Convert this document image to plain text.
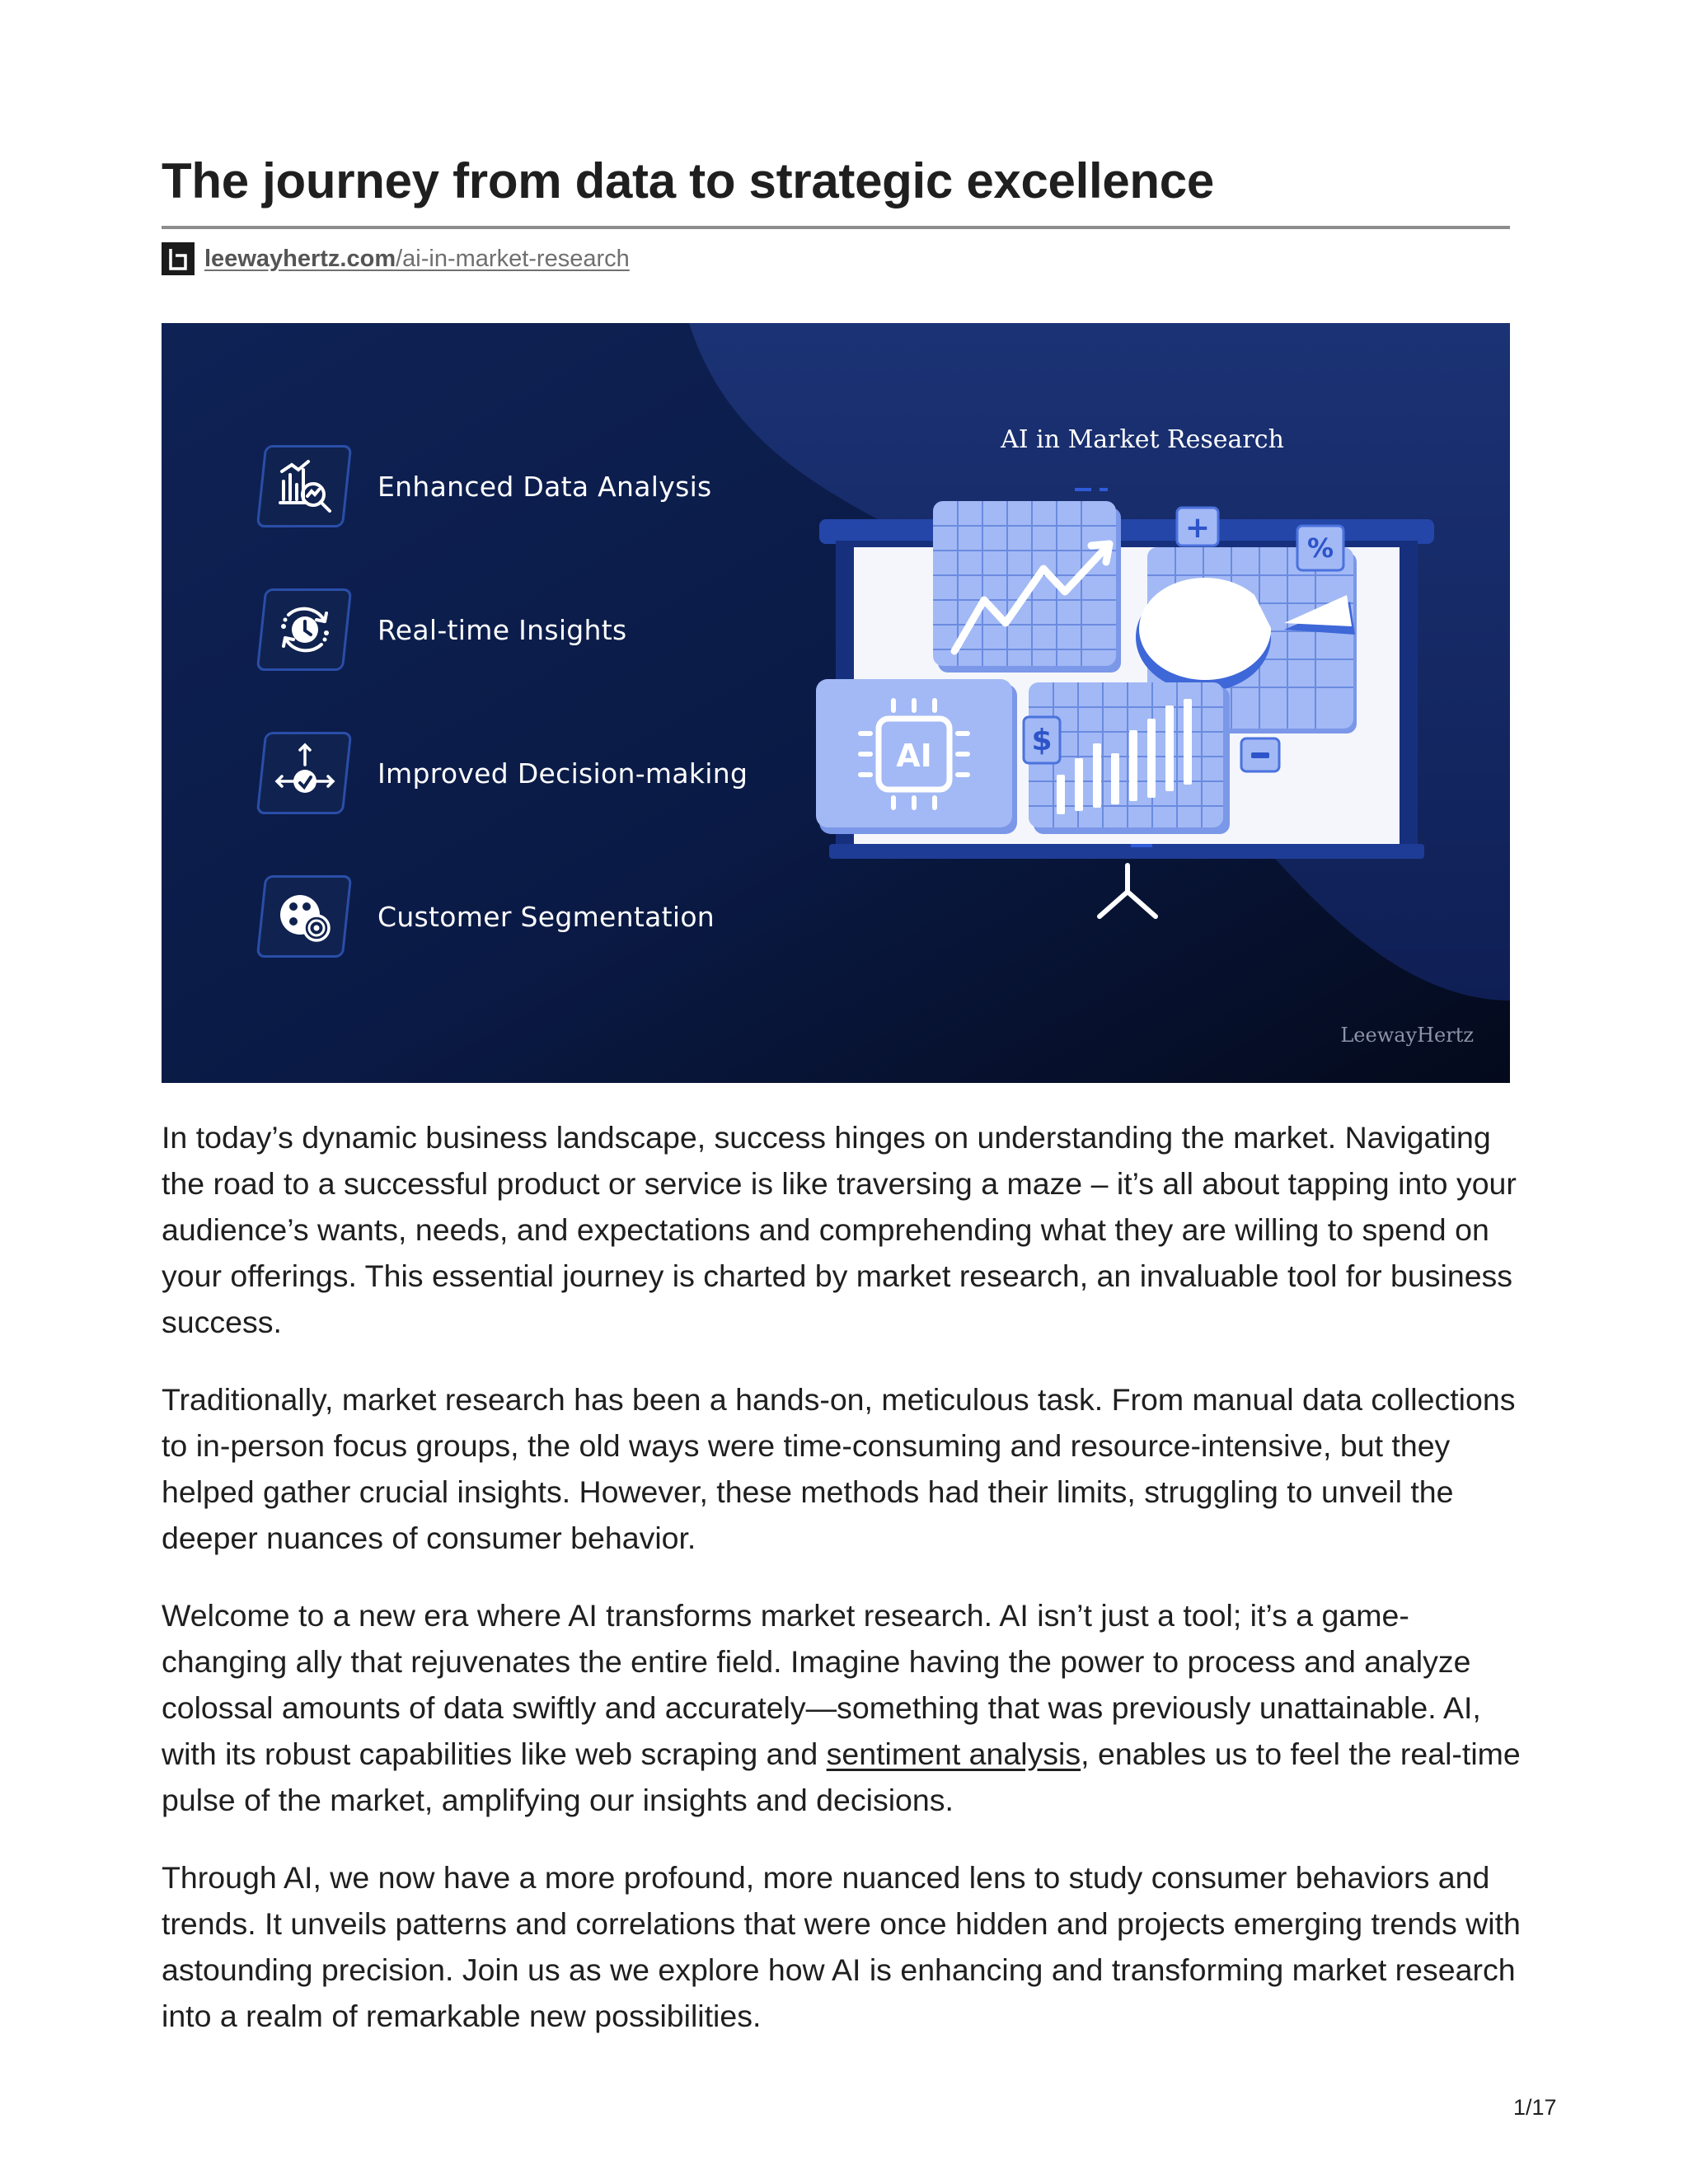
The journey from data to strategic excellence
leewayhertz.com/ai-in-market-research
%
+
AI	$
Enhanced Data Analysis
Real-time Insights
Improved Decision-making
Customer Segmentation
AI in Market Research
LeewayHertz

In today’s dynamic business landscape, success hinges on understanding the market. Navigating the road to a successful product or service is like traversing a maze – it’s all about tapping into your audience’s wants, needs, and expectations and comprehending what they are willing to spend on your offerings. This essential journey is charted by market research, an invaluable tool for business success.

Traditionally, market research has been a hands-on, meticulous task. From manual data collections to in-person focus groups, the old ways were time-consuming and resource-intensive, but they helped gather crucial insights. However, these methods had their limits, struggling to unveil the deeper nuances of consumer behavior.

Welcome to a new era where AI transforms market research. AI isn’t just a tool; it’s a game-changing ally that rejuvenates the entire field. Imagine having the power to process and analyze colossal amounts of data swiftly and accurately—something that was previously unattainable. AI, with its robust capabilities like web scraping and sentiment analysis, enables us to feel the real-time pulse of the market, amplifying our insights and decisions.

Through AI, we now have a more profound, more nuanced lens to study consumer behaviors and trends. It unveils patterns and correlations that were once hidden and projects emerging trends with astounding precision. Join us as we explore how AI is enhancing and transforming market research into a realm of remarkable new possibilities.

1/17
